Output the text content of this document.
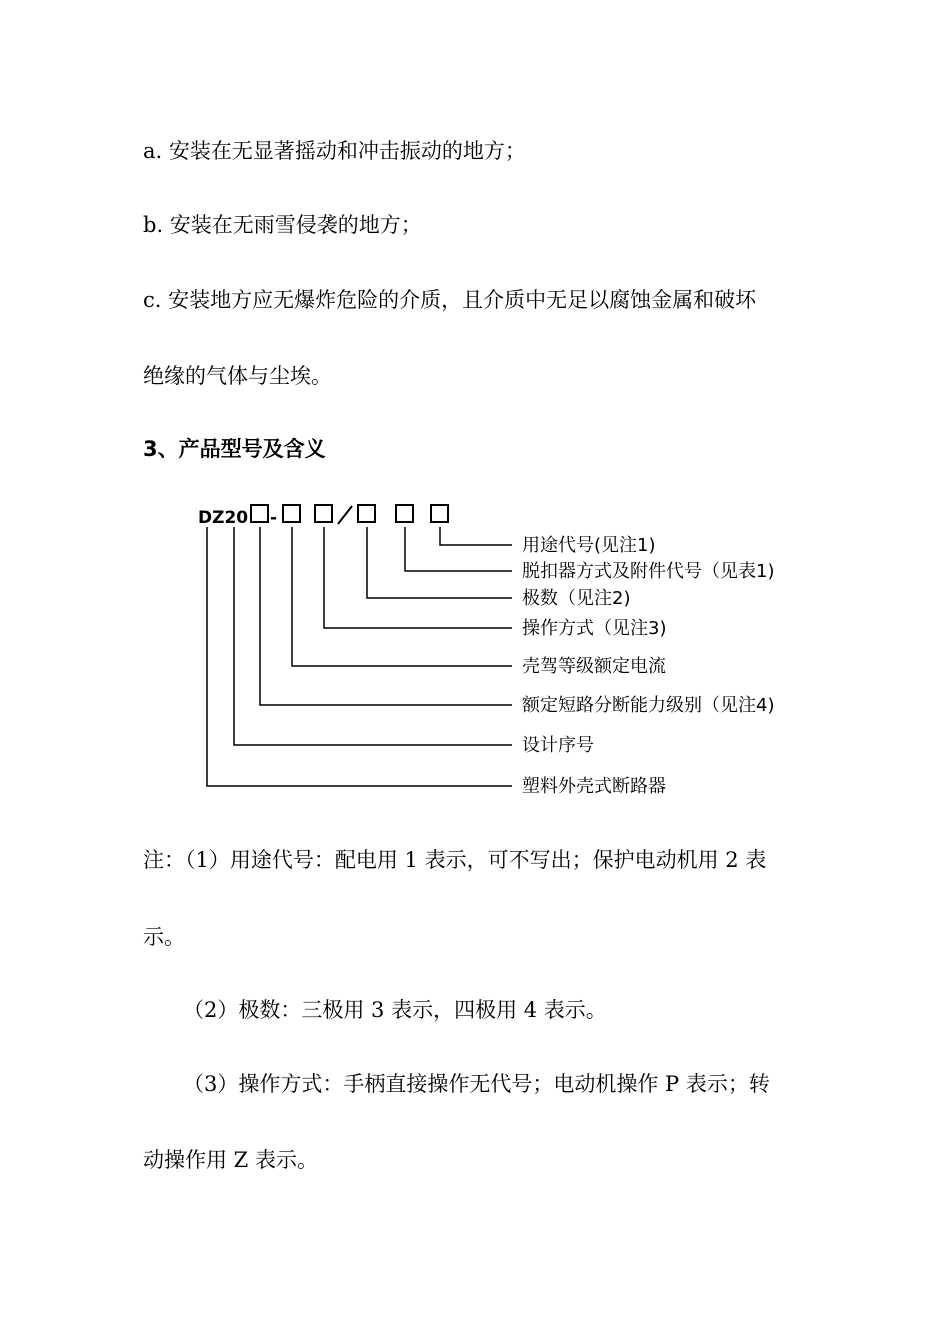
a. 安装在无显著摇动和冲击振动的地方；

b. 安装在无雨雪侵袭的地方；

c. 安装地方应无爆炸危险的介质，且介质中无足以腐蚀金属和破坏

绝缘的气体与尘埃。

3、产品型号及含义

DZ20 -
用途代号(见注1)
脱扣器方式及附件代号（见表1)
极数（见注2)
操作方式（见注3)
壳驾等级额定电流
额定短路分断能力级别（见注4)
设计序号
塑料外壳式断路器

注：（1）用途代号：配电用 1 表示，可不写出；保护电动机用 2 表

示。

（2）极数：三极用 3 表示，四极用 4 表示。

（3）操作方式：手柄直接操作无代号；电动机操作 P 表示；转

动操作用 Z 表示。
